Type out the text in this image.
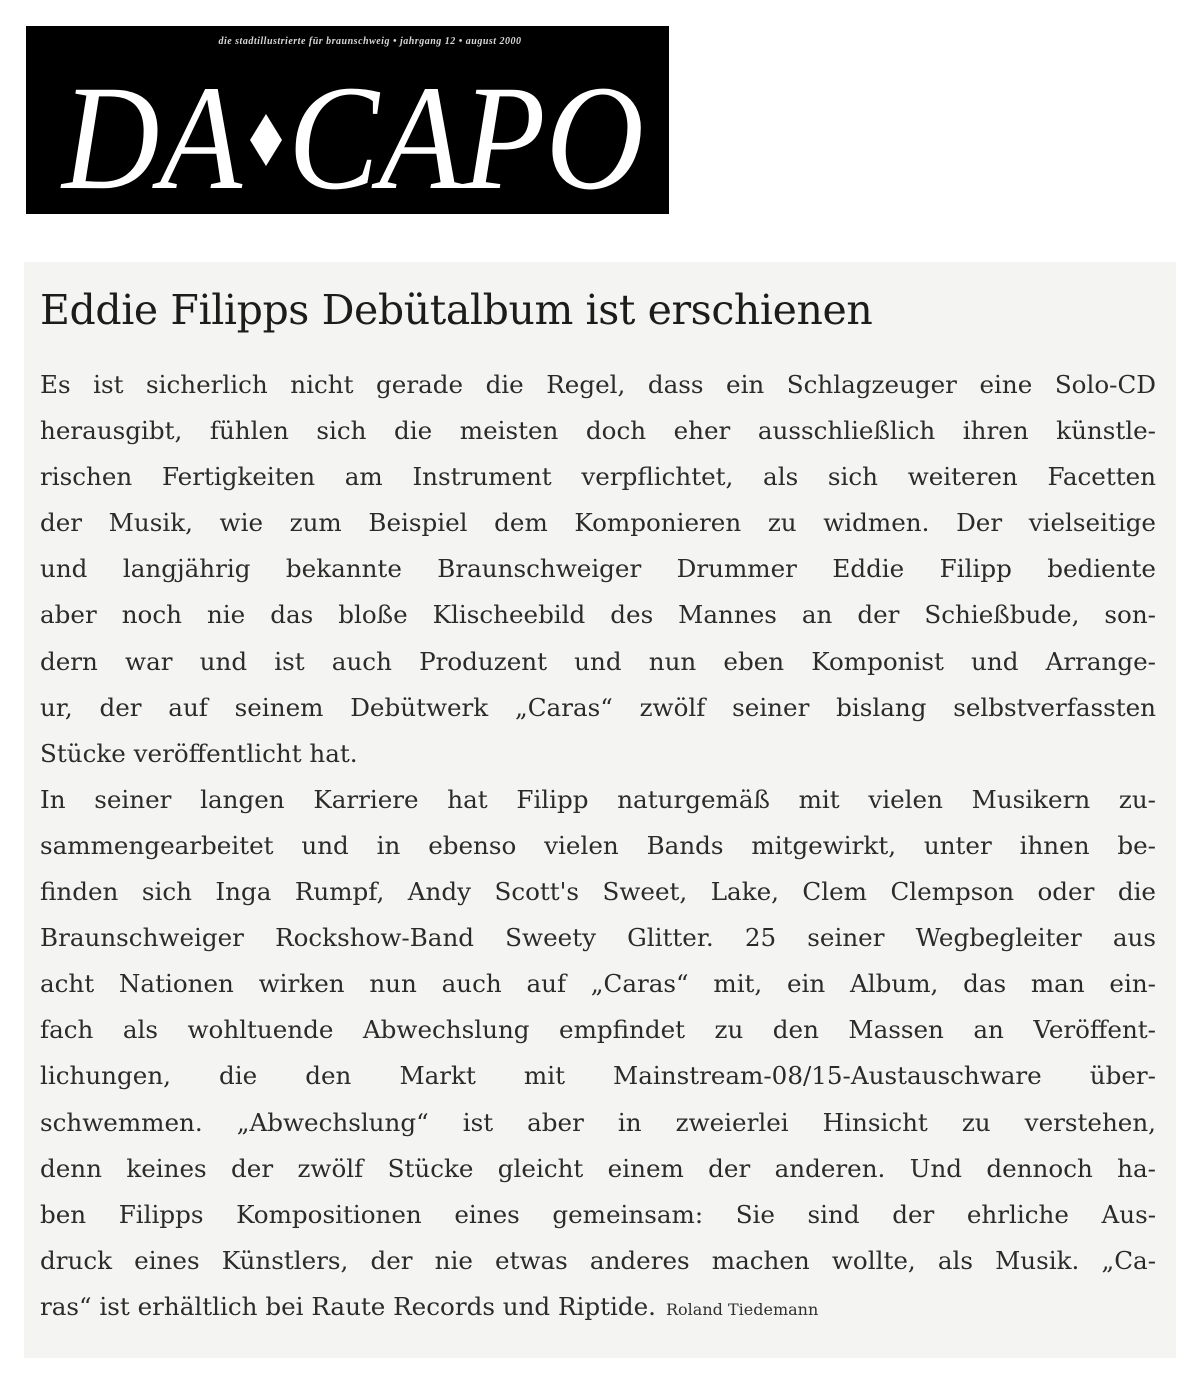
die stadtillustrierte für braunschweig • jahrgang 12 • august 2000
DA CAPO
Eddie Filipps Debütalbum ist erschienen
Es ist sicherlich nicht gerade die Regel, dass ein Schlagzeuger eine Solo-CD
herausgibt, fühlen sich die meisten doch eher ausschließlich ihren künstle-
rischen Fertigkeiten am Instrument verpflichtet, als sich weiteren Facetten
der Musik, wie zum Beispiel dem Komponieren zu widmen. Der vielseitige
und langjährig bekannte Braunschweiger Drummer Eddie Filipp bediente
aber noch nie das bloße Klischeebild des Mannes an der Schießbude, son-
dern war und ist auch Produzent und nun eben Komponist und Arrange-
ur, der auf seinem Debütwerk „Caras“ zwölf seiner bislang selbstverfassten
Stücke veröffentlicht hat.
In seiner langen Karriere hat Filipp naturgemäß mit vielen Musikern zu-
sammengearbeitet und in ebenso vielen Bands mitgewirkt, unter ihnen be-
finden sich Inga Rumpf, Andy Scott's Sweet, Lake, Clem Clempson oder die
Braunschweiger Rockshow-Band Sweety Glitter. 25 seiner Wegbegleiter aus
acht Nationen wirken nun auch auf „Caras“ mit, ein Album, das man ein-
fach als wohltuende Abwechslung empfindet zu den Massen an Veröffent-
lichungen, die den Markt mit Mainstream-08/15-Austauschware über-
schwemmen. „Abwechslung“ ist aber in zweierlei Hinsicht zu verstehen,
denn keines der zwölf Stücke gleicht einem der anderen. Und dennoch ha-
ben Filipps Kompositionen eines gemeinsam: Sie sind der ehrliche Aus-
druck eines Künstlers, der nie etwas anderes machen wollte, als Musik. „Ca-
ras“ ist erhältlich bei Raute Records und Riptide. Roland Tiedemann
